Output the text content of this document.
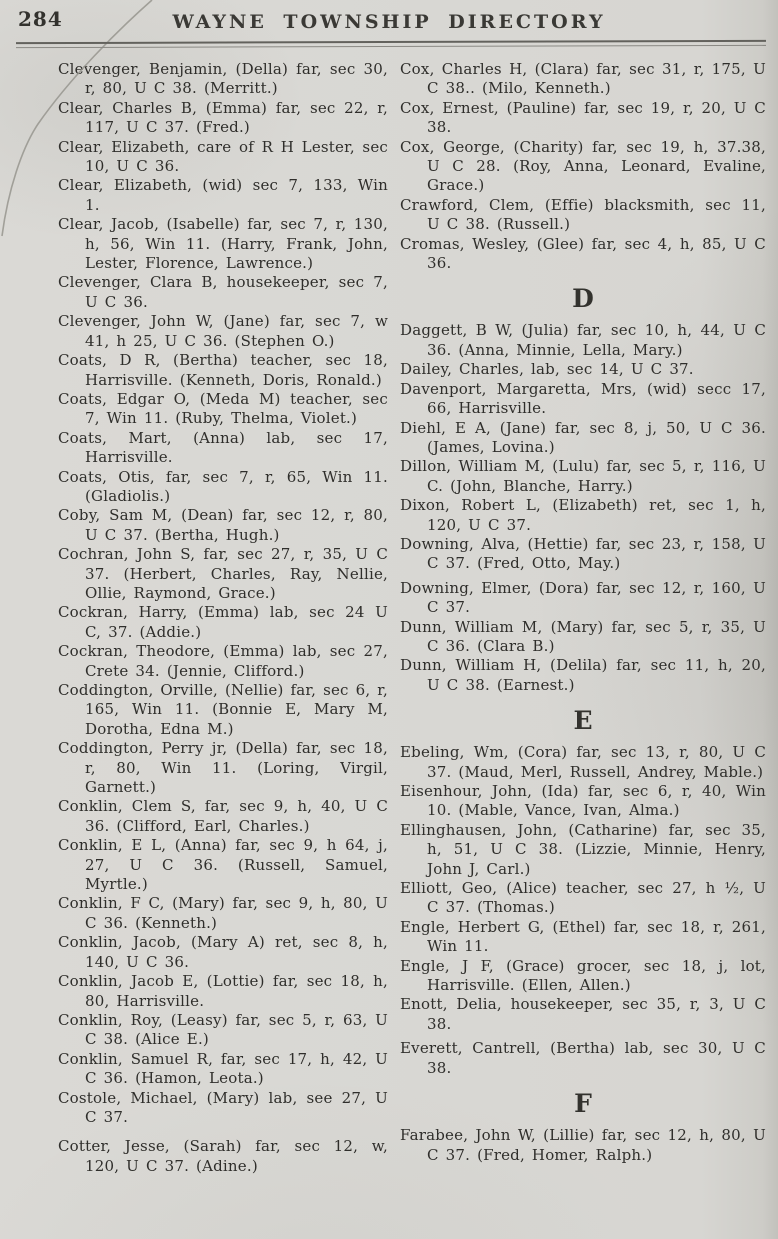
284	WAYNE TOWNSHIP DIRECTORY
Clevenger, Benjamin, (Della) far, sec 30, r, 80, U C 38. (Merritt.)
Clear, Charles B, (Emma) far, sec 22, r, 117, U C 37. (Fred.)
Clear, Elizabeth, care of R H Lester, sec 10, U C 36.
Clear, Elizabeth, (wid) sec 7, 133, Win 1.
Clear, Jacob, (Isabelle) far, sec 7, r, 130, h, 56, Win 11. (Harry, Frank, John, Lester, Florence, Lawrence.)
Clevenger, Clara B, housekeeper, sec 7, U C 36.
Clevenger, John W, (Jane) far, sec 7, w 41, h 25, U C 36. (Stephen O.)
Coats, D R, (Bertha) teacher, sec 18, Harrisville. (Kenneth, Doris, Ronald.)
Coats, Edgar O, (Meda M) teacher, sec 7, Win 11. (Ruby, Thelma, Violet.)
Coats, Mart, (Anna) lab, sec 17, Harrisville.
Coats, Otis, far, sec 7, r, 65, Win 11. (Gladiolis.)
Coby, Sam M, (Dean) far, sec 12, r, 80, U C 37. (Bertha, Hugh.)
Cochran, John S, far, sec 27, r, 35, U C 37. (Herbert, Charles, Ray, Nellie, Ollie, Raymond, Grace.)
Cockran, Harry, (Emma) lab, sec 24 U C, 37. (Addie.)
Cockran, Theodore, (Emma) lab, sec 27, Crete 34. (Jennie, Clifford.)
Coddington, Orville, (Nellie) far, sec 6, r, 165, Win 11. (Bonnie E, Mary M, Dorotha, Edna M.)
Coddington, Perry jr, (Della) far, sec 18, r, 80, Win 11. (Loring, Virgil, Garnett.)
Conklin, Clem S, far, sec 9, h, 40, U C 36. (Clifford, Earl, Charles.)
Conklin, E L, (Anna) far, sec 9, h 64, j, 27, U C 36. (Russell, Samuel, Myrtle.)
Conklin, F C, (Mary) far, sec 9, h, 80, U C 36. (Kenneth.)
Conklin, Jacob, (Mary A) ret, sec 8, h, 140, U C 36.
Conklin, Jacob E, (Lottie) far, sec 18, h, 80, Harrisville.
Conklin, Roy, (Leasy) far, sec 5, r, 63, U C 38. (Alice E.)
Conklin, Samuel R, far, sec 17, h, 42, U C 36. (Hamon, Leota.)
Costole, Michael, (Mary) lab, see 27, U C 37.
Cotter, Jesse, (Sarah) far, sec 12, w, 120, U C 37. (Adine.)
Cox, Charles H, (Clara) far, sec 31, r, 175, U C 38.. (Milo, Kenneth.)
Cox, Ernest, (Pauline) far, sec 19, r, 20, U C 38.
Cox, George, (Charity) far, sec 19, h, 37.38, U C 28. (Roy, Anna, Leonard, Evaline, Grace.)
Crawford, Clem, (Effie) blacksmith, sec 11, U C 38. (Russell.)
Cromas, Wesley, (Glee) far, sec 4, h, 85, U C 36.
D
Daggett, B W, (Julia) far, sec 10, h, 44, U C 36. (Anna, Minnie, Lella, Mary.)
Dailey, Charles, lab, sec 14, U C 37.
Davenport, Margaretta, Mrs, (wid) secc 17, 66, Harrisville.
Diehl, E A, (Jane) far, sec 8, j, 50, U C 36. (James, Lovina.)
Dillon, William M, (Lulu) far, sec 5, r, 116, U C. (John, Blanche, Harry.)
Dixon, Robert L, (Elizabeth) ret, sec 1, h, 120, U C 37.
Downing, Alva, (Hettie) far, sec 23, r, 158, U C 37. (Fred, Otto, May.)
Downing, Elmer, (Dora) far, sec 12, r, 160, U C 37.
Dunn, William M, (Mary) far, sec 5, r, 35, U C 36. (Clara B.)
Dunn, William H, (Delila) far, sec 11, h, 20, U C 38. (Earnest.)
E
Ebeling, Wm, (Cora) far, sec 13, r, 80, U C 37. (Maud, Merl, Russell, Andrey, Mable.)
Eisenhour, John, (Ida) far, sec 6, r, 40, Win 10. (Mable, Vance, Ivan, Alma.)
Ellinghausen, John, (Catharine) far, sec 35, h, 51, U C 38. (Lizzie, Minnie, Henry, John J, Carl.)
Elliott, Geo, (Alice) teacher, sec 27, h ½, U C 37. (Thomas.)
Engle, Herbert G, (Ethel) far, sec 18, r, 261, Win 11.
Engle, J F, (Grace) grocer, sec 18, j, lot, Harrisville. (Ellen, Allen.)
Enott, Delia, housekeeper, sec 35, r, 3, U C 38.
Everett, Cantrell, (Bertha) lab, sec 30, U C 38.
F
Farabee, John W, (Lillie) far, sec 12, h, 80, U C 37. (Fred, Homer, Ralph.)
